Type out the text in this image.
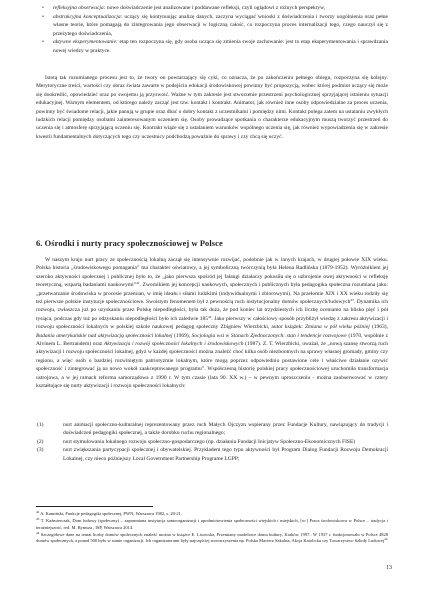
• refleksyjna obserwacja: nowe doświadczenie jest analizowane i poddawane refleksji, czyli oglądowi z różnych perspektyw,

• abstrakcyjna konceptualizacja: uczący się kontynuując analizę danych, zaczyna wyciągać wnioski z doświadczenia i tworzy uogólnienia oraz pełne własne teorie, które pomagają do zintegrowania jego obserwacji w logiczną całość, co rozpoczyna proces internalizacji tego, czego nauczył się z przeżytego doświadczenia,

• aktywne eksperymentowanie: etap ten rozpoczyna się, gdy osoba ucząca się zmienia swoje zachowanie: jest to etap eksperymentowania i sprawdzania nowej wiedzy w praktyce.

Istotą tak rozumianego procesu jest to, że twory on powtarzający się cykl, co oznacza, że po zakończeniu pełnego obiegu, rozpoczyna się kolejny. Merytoryczne treści, wartości czy obraz świata zawarte w podejściu edukacji środowiskowej powinny być propozycją, wobec której podmiot uczący się może się dookreślić, opowiedzieć oraz po swojemu ją przyswoić. Ważne w tym zakresie jest stworzenie przestrzeni psychologicznej sprzyjającej istnieniu sytuacji edukacyjnej. Warnym elementem, od którego należy zacząć jest tzw. kontakt i kontrakt. Animator, jak również inne osoby odpowiedzialne za proces uczenia, powinny być świadome relacji, jakie panują w grupie oraz dbać o dobry kontakt z uczestnikami i pomiędzy nimi. Kontakt polega zatem na ustalaniu zwykłych ludzkich relacji pomiędzy osobami zainteresowanym uczeniem się. Osoby prowadzące spotkania o charakterze edukacyjnym muszą tworzyć przestrzeń do uczenia się i atmosferę sprzyjającą uczeniu się. Kontrakt wiąże się z ustalaniem warunków wspólnego uczenia się, jak również wypowiadzenia się w zakresie kwestii fundamentalnych dotyczących tego czy uczestnicy podchodzą poważnie do sprawy i czy chcą się uczyć.

6. Ośrodki i nurty pracy społecznościowej w Polsce

W naszym kraju nurt pracy ze społecznością lokalną zaczął się intensywnie rozwijać, podobnie jak w innych krajach, w drugiej połowie XIX wieku. Polska historia „środowiskowego pomagania” ma charakter oświatowy, a jej symboliczną twórczynią była Helena Radlińska (1879-1952). Wyróżnikiem jej szeroko aktywności społecznej i publicznej było to, że „jako pierwsza spośród jej fałangi działaczy pokusiła się o uzbrojenie owej aktywności w refleksję teoretyczną, wspartą badaniami naukowymi”$^{42}$. Zwornikiem jej koncepcji naukowych, społecznych i publicznych była pedagogika społeczna rozumiana jako: „przetwarzanie środowiska w procesie przemian, w imię ideału i siłami ludzkimi (indywidualnymi i zbiorowymi). Na przełomie XIX i XX wieku rodziły się też pierwsze polskie instytucje społecznościowe. Swoistym fenomenem był z pewnością ruch instytucjonalny domów społecznych/ludowych$^{43}$. Dynamika ich rozwoju, zwłaszcza już po uzyskaniu przez Polskę niepodległości, była tak duża, że pod koniec lat trzydziestych ich liczbę oceniamo na blisko pięć i pół tysiąca, podczas gdy tuż po odzyskaniu niepodległości było ich zaledwie $185^{44}$. Jako pierwszy w całościowy sposób przybliżył wiedzę z zakresu aktywizacji i rozwoju społeczności lokalnych w polskiej szkole naukowej pedagog społeczny Zbigniew Wierzbicki, autor książek: Zmiana w pół wieku później (1963), Badania amerykańskie nad aktywizacją społeczności lokalnej (1969), Socjologia wsi w Stanach Zjednoczonych: stan i tendencje rozwojowe (1970, wspólnie z Alvinem L. Bertrandem) oraz Aktywizacja i rozwój społeczności lokalnych i środowiskowych (1987). Z. T. Wierzbicki, uważał, że „nową szansę stworzą ruch aktywizacji i rozwoju społeczności lokalnej, gdyż w każdej społeczności można znaleźć choć kilka osób niezbootnych na sprawy własnej gromady, gminy czy regionu, a więc osób o bardziej rozwiniętym patriotyzmie lokalnym, które mogą poprzez odpowiednio postawione cele i właściwe działanie ozywić społeczność i zintegrować ją na nowo wokół zaakceptowanego programu”. Współczesną historię polskiej pracy społecznościowej uruchomiła transformacja ustrojowa, a w jej ramach reforma samorządowa z 1990 r. W tym czasie (lata 90. XX w.) – w pewnym uproszczeniu - można zaobserwować w cztery kształtujące się nurty aktywizacji i rozwoju społeczności lokalnych:

(1)	nurt animacji społeczno-kulturalnej reprezentowany przez ruch Małych Ojczyzn wspierany przez Fundacje Kultury, nawiązujący do tradycji i doświadczeń pedagogiki społecznej, a także dorobku ruchu regionalnego;

(2)	nurt stymulowania lokalnego rozwoju społeczno-gospodarczego (np. działania Fundacji Inicjatyw Społeczno-Ekonomicznych FISE)

(3)	nurt zwiększania partycypacji społecznej i obywatelskiej. Przykładem tego typu aktywności był Program Dialog Fundacji Rozwoju Demokracji Lokalnej, czy nieco późniejszy Local Government Partnership Programe LGPP;

$^{42}$ A. Kamiński, Funkcje pedagogiki społecznej, PWN, Warszawa 1982, s. 20-21.

$^{43}$ T. Kaźmierczak, Dom ludowy (społeczny) – zapomniana instytucja samoorganizacji i upodmiotowienia społeczności wiejskich i miejskich, [w:] Praca środowiskowa w Polsce – tradycja i teraźniejszość, red. M. Rymsza , ISP, Warszawa 2014.

$^{44}$ Szczegółowe dane na temat liczby domów społecznych znaleźć można w książce E. Lisowska, Przemiany modelowe domu kultury, Kraków 1997.. W 1937 r. funkcjonowało w Polsce 4828 domów społecznych, a ponad 500 było w stanie organizacji. Ich organizatorami były najczęściej stowarzyszenia np. Polska Macierz Szkolna, Akcja Katolicka czy Towarzystwo Szkoły Ludowej$^{44}$

13
